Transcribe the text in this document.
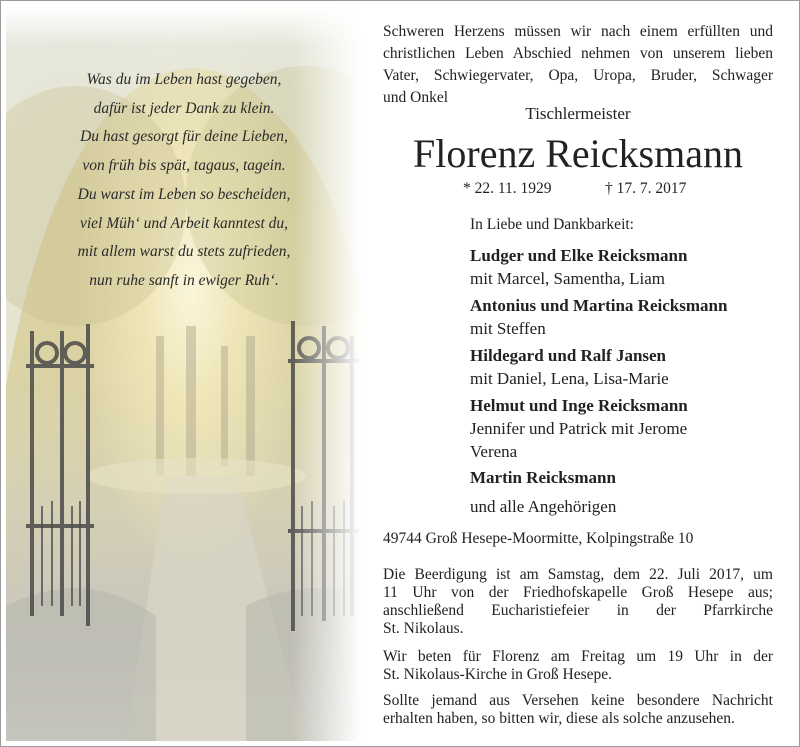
Was du im Leben hast gegeben,
dafür ist jeder Dank zu klein.
Du hast gesorgt für deine Lieben,
von früh bis spät, tagaus, tagein.
Du warst im Leben so bescheiden,
viel Müh‘ und Arbeit kanntest du,
mit allem warst du stets zufrieden,
nun ruhe sanft in ewiger Ruh‘.
Schweren Herzens müssen wir nach einem erfüllten und
christlichen Leben Abschied nehmen von unserem lieben
Vater, Schwiegervater, Opa, Uropa, Bruder, Schwager
und Onkel
Tischlermeister
Florenz Reicksmann
* 22. 11. 1929	† 17. 7. 2017
In Liebe und Dankbarkeit:
Ludger und Elke Reicksmann
mit Marcel, Samentha, Liam
Antonius und Martina Reicksmann
mit Steffen
Hildegard und Ralf Jansen
mit Daniel, Lena, Lisa-Marie
Helmut und Inge Reicksmann
Jennifer und Patrick mit Jerome
Verena
Martin Reicksmann
und alle Angehörigen
49744 Groß Hesepe-Moormitte, Kolpingstraße 10
Die Beerdigung ist am Samstag, dem 22. Juli 2017, um
11 Uhr von der Friedhofskapelle Groß Hesepe aus;
anschließend Eucharistiefeier in der Pfarrkirche
St. Nikolaus.
Wir beten für Florenz am Freitag um 19 Uhr in der
St. Nikolaus-Kirche in Groß Hesepe.
Sollte jemand aus Versehen keine besondere Nachricht
erhalten haben, so bitten wir, diese als solche anzusehen.
